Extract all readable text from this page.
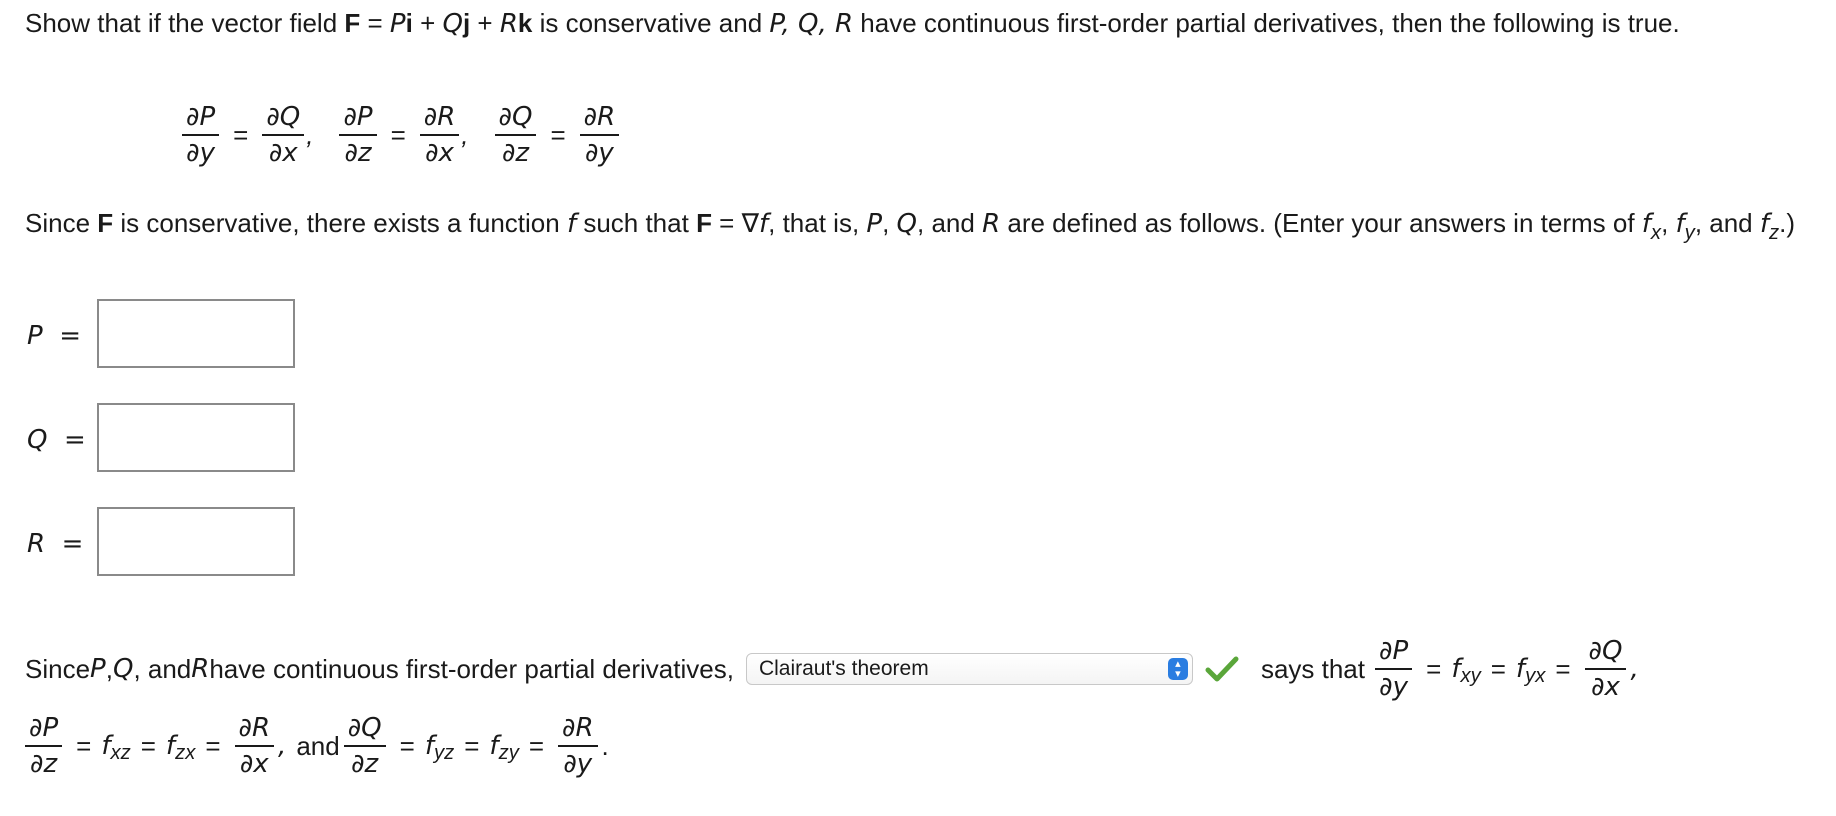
Show that if the vector field F = Pi + Qj + Rk is conservative and P, Q, R have continuous first-order partial derivatives, then the following is true.
$\frac{\partial P}{\partial y} = \frac{\partial Q}{\partial x}$ , $\frac{\partial P}{\partial z} = \frac{\partial R}{\partial x}$ , $\frac{\partial Q}{\partial z} = \frac{\partial R}{\partial y}$
Since F is conservative, there exists a function f such that F = ∇f, that is, P, Q, and R are defined as follows. (Enter your answers in terms of $f_x$, $f_y$, and $f_z$.)
P  =
Q  =
R  =
Since P , Q , and R have continuous first-order partial derivatives, Clairaut's theorem	▴
▾	says that $\frac{\partial P}{\partial y} = f$ xy = f yx = $\frac{\partial Q}{\partial x}$ ,
$\frac{\partial P}{\partial z} = f$ xz = f zx = $\frac{\partial R}{\partial x}$ , and $\frac{\partial Q}{\partial z} = f$ yz = f zy = $\frac{\partial R}{\partial y}$ .
